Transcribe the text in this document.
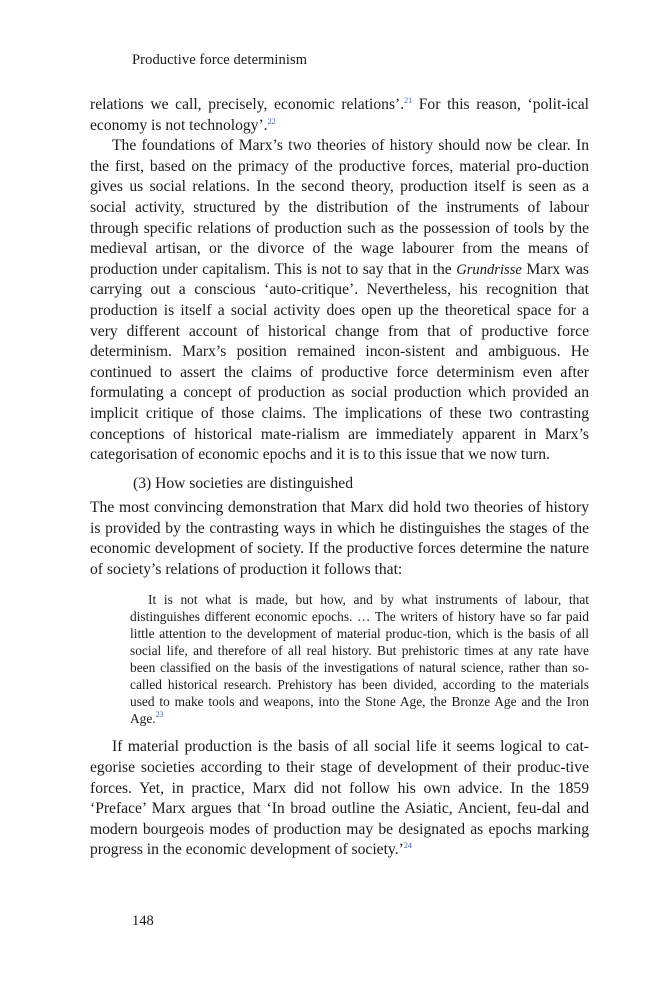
Productive force determinism

relations we call, precisely, economic relations’.$^{21}$ For this reason, ‘polit-ical economy is not technology’.$^{22}$

The foundations of Marx’s two theories of history should now be clear. In the first, based on the primacy of the productive forces, material pro-duction gives us social relations. In the second theory, production itself is seen as a social activity, structured by the distribution of the instruments of labour through specific relations of production such as the possession of tools by the medieval artisan, or the divorce of the wage labourer from the means of production under capitalism. This is not to say that in the Grundrisse Marx was carrying out a conscious ‘auto-critique’. Nevertheless, his recognition that production is itself a social activity does open up the theoretical space for a very different account of historical change from that of productive force determinism. Marx’s position remained incon-sistent and ambiguous. He continued to assert the claims of productive force determinism even after formulating a concept of production as social production which provided an implicit critique of those claims. The implications of these two contrasting conceptions of historical mate-rialism are immediately apparent in Marx’s categorisation of economic epochs and it is to this issue that we now turn.

(3) How societies are distinguished

The most convincing demonstration that Marx did hold two theories of history is provided by the contrasting ways in which he distinguishes the stages of the economic development of society. If the productive forces determine the nature of society’s relations of production it follows that:

It is not what is made, but how, and by what instruments of labour, that distinguishes different economic epochs. … The writers of history have so far paid little attention to the development of material produc-tion, which is the basis of all social life, and therefore of all real history. But prehistoric times at any rate have been classified on the basis of the investigations of natural science, rather than so-called historical research. Prehistory has been divided, according to the materials used to make tools and weapons, into the Stone Age, the Bronze Age and the Iron Age.$^{23}$

If material production is the basis of all social life it seems logical to cat-egorise societies according to their stage of development of their produc-tive forces. Yet, in practice, Marx did not follow his own advice. In the 1859 ‘Preface’ Marx argues that ‘In broad outline the Asiatic, Ancient, feu-dal and modern bourgeois modes of production may be designated as epochs marking progress in the economic development of society.’$^{24}$

148
